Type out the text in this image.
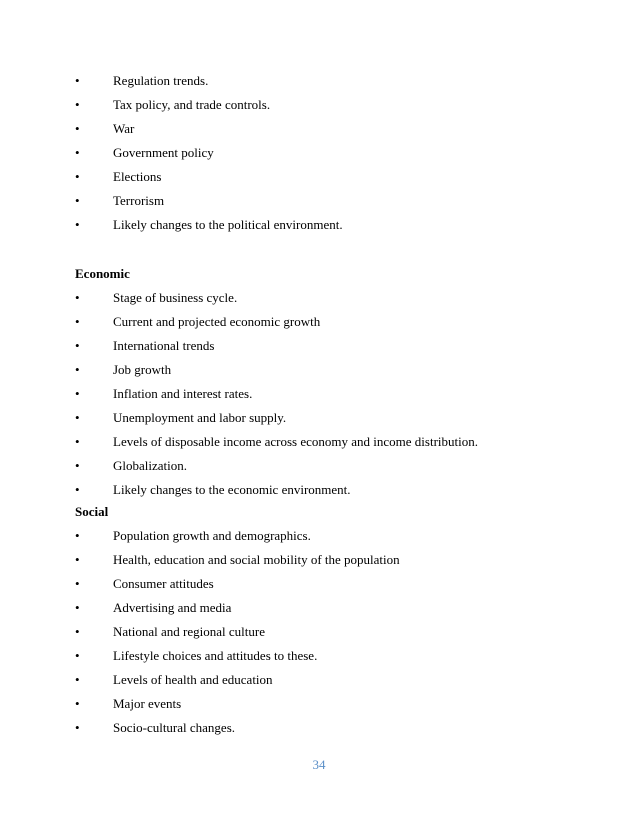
•	Regulation trends.
•	Tax policy, and trade controls.
•	War
•	Government policy
•	Elections
•	Terrorism
•	Likely changes to the political environment.
Economic
•	Stage of business cycle.
•	Current and projected economic growth
•	International trends
•	Job growth
•	Inflation and interest rates.
•	Unemployment and labor supply.
•	Levels of disposable income across economy and income distribution.
•	Globalization.
•	Likely changes to the economic environment.
Social
•	Population growth and demographics.
•	Health, education and social mobility of the population
•	Consumer attitudes
•	Advertising and media
•	National and regional culture
•	Lifestyle choices and attitudes to these.
•	Levels of health and education
•	Major events
•	Socio-cultural changes.
34
